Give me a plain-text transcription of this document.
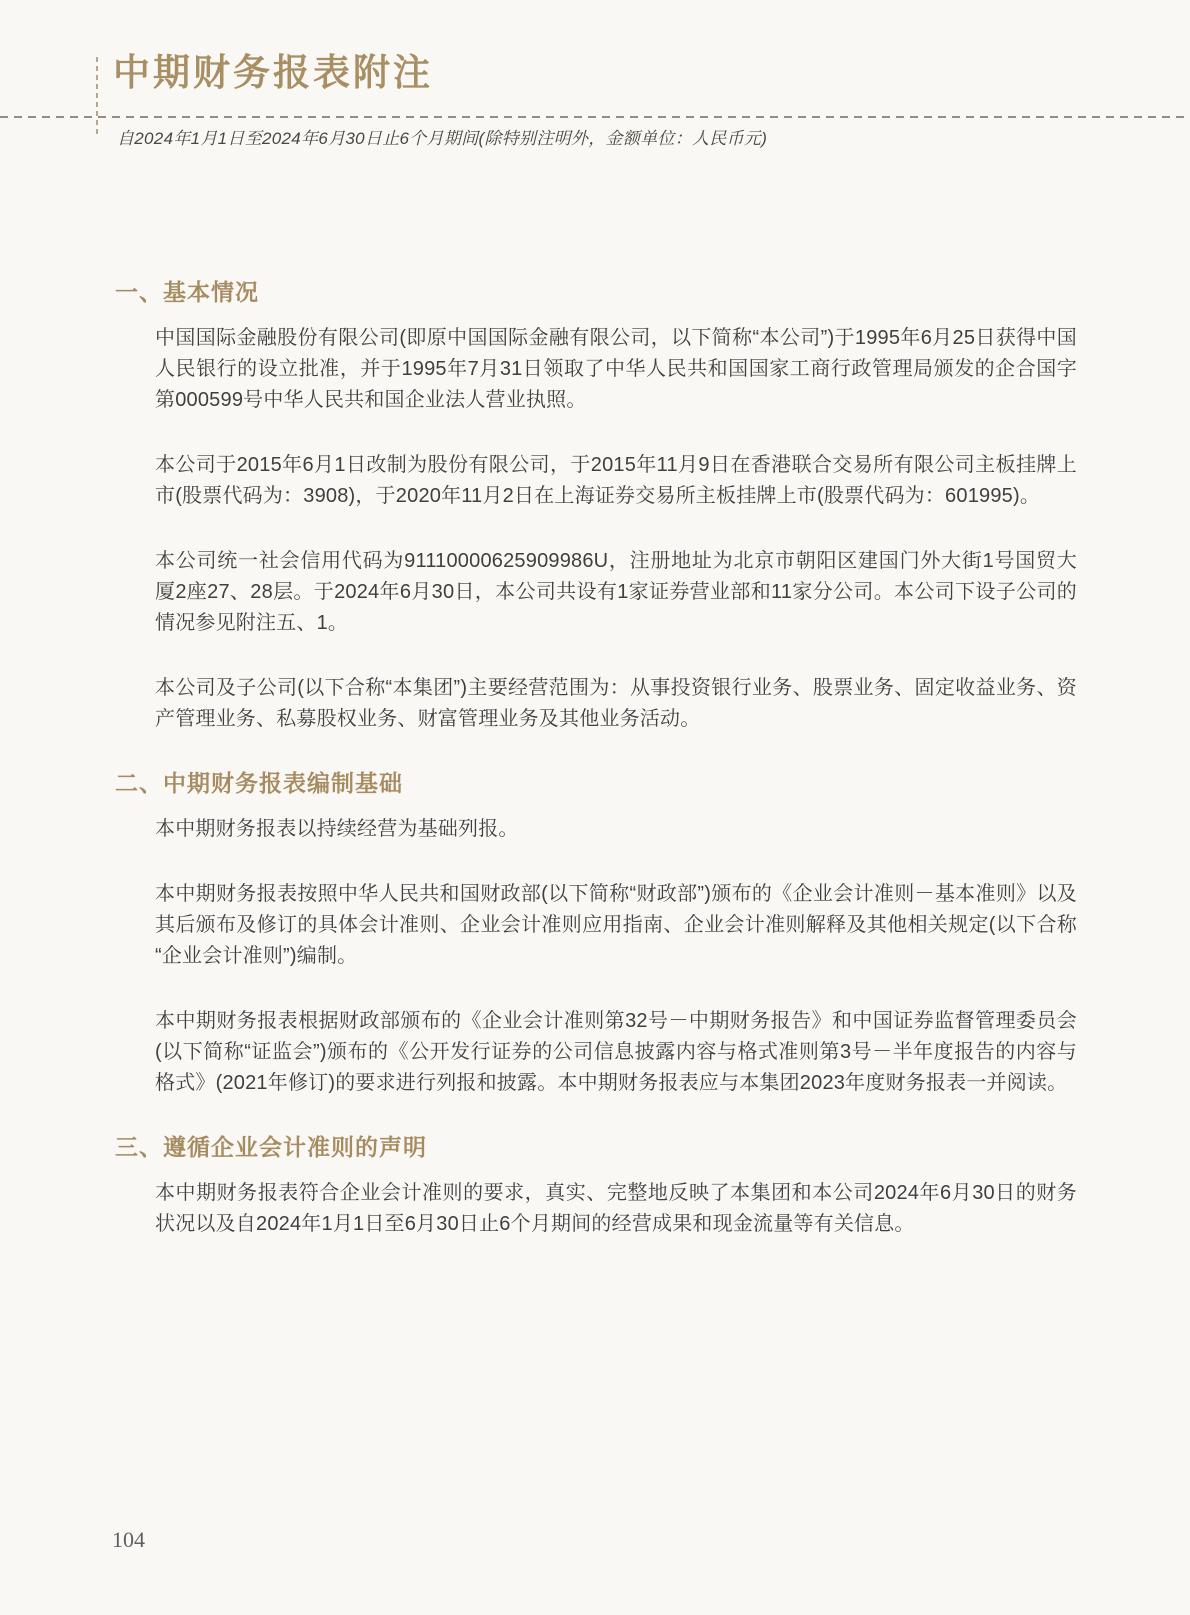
中期财务报表附注
自2024年1月1日至2024年6月30日止6个月期间(除特别注明外，金额单位：人民币元)
一、基本情况

中国国际金融股份有限公司(即原中国国际金融有限公司，以下简称“本公司”)于1995年6月25日获得中国人民银行的设立批准，并于1995年7月31日领取了中华人民共和国国家工商行政管理局颁发的企合国字第000599号中华人民共和国企业法人营业执照。

本公司于2015年6月1日改制为股份有限公司，于2015年11月9日在香港联合交易所有限公司主板挂牌上市(股票代码为：3908)，于2020年11月2日在上海证券交易所主板挂牌上市(股票代码为：601995)。

本公司统一社会信用代码为91110000625909986U，注册地址为北京市朝阳区建国门外大街1号国贸大厦2座27、28层。于2024年6月30日，本公司共设有1家证券营业部和11家分公司。本公司下设子公司的情况参见附注五、1。

本公司及子公司(以下合称“本集团”)主要经营范围为：从事投资银行业务、股票业务、固定收益业务、资产管理业务、私募股权业务、财富管理业务及其他业务活动。

二、中期财务报表编制基础

本中期财务报表以持续经营为基础列报。

本中期财务报表按照中华人民共和国财政部(以下简称“财政部”)颁布的《企业会计准则－基本准则》以及其后颁布及修订的具体会计准则、企业会计准则应用指南、企业会计准则解释及其他相关规定(以下合称“企业会计准则”)编制。

本中期财务报表根据财政部颁布的《企业会计准则第32号－中期财务报告》和中国证券监督管理委员会(以下简称“证监会”)颁布的《公开发行证券的公司信息披露内容与格式准则第3号－半年度报告的内容与格式》(2021年修订)的要求进行列报和披露。本中期财务报表应与本集团2023年度财务报表一并阅读。

三、遵循企业会计准则的声明

本中期财务报表符合企业会计准则的要求，真实、完整地反映了本集团和本公司2024年6月30日的财务状况以及自2024年1月1日至6月30日止6个月期间的经营成果和现金流量等有关信息。

104
